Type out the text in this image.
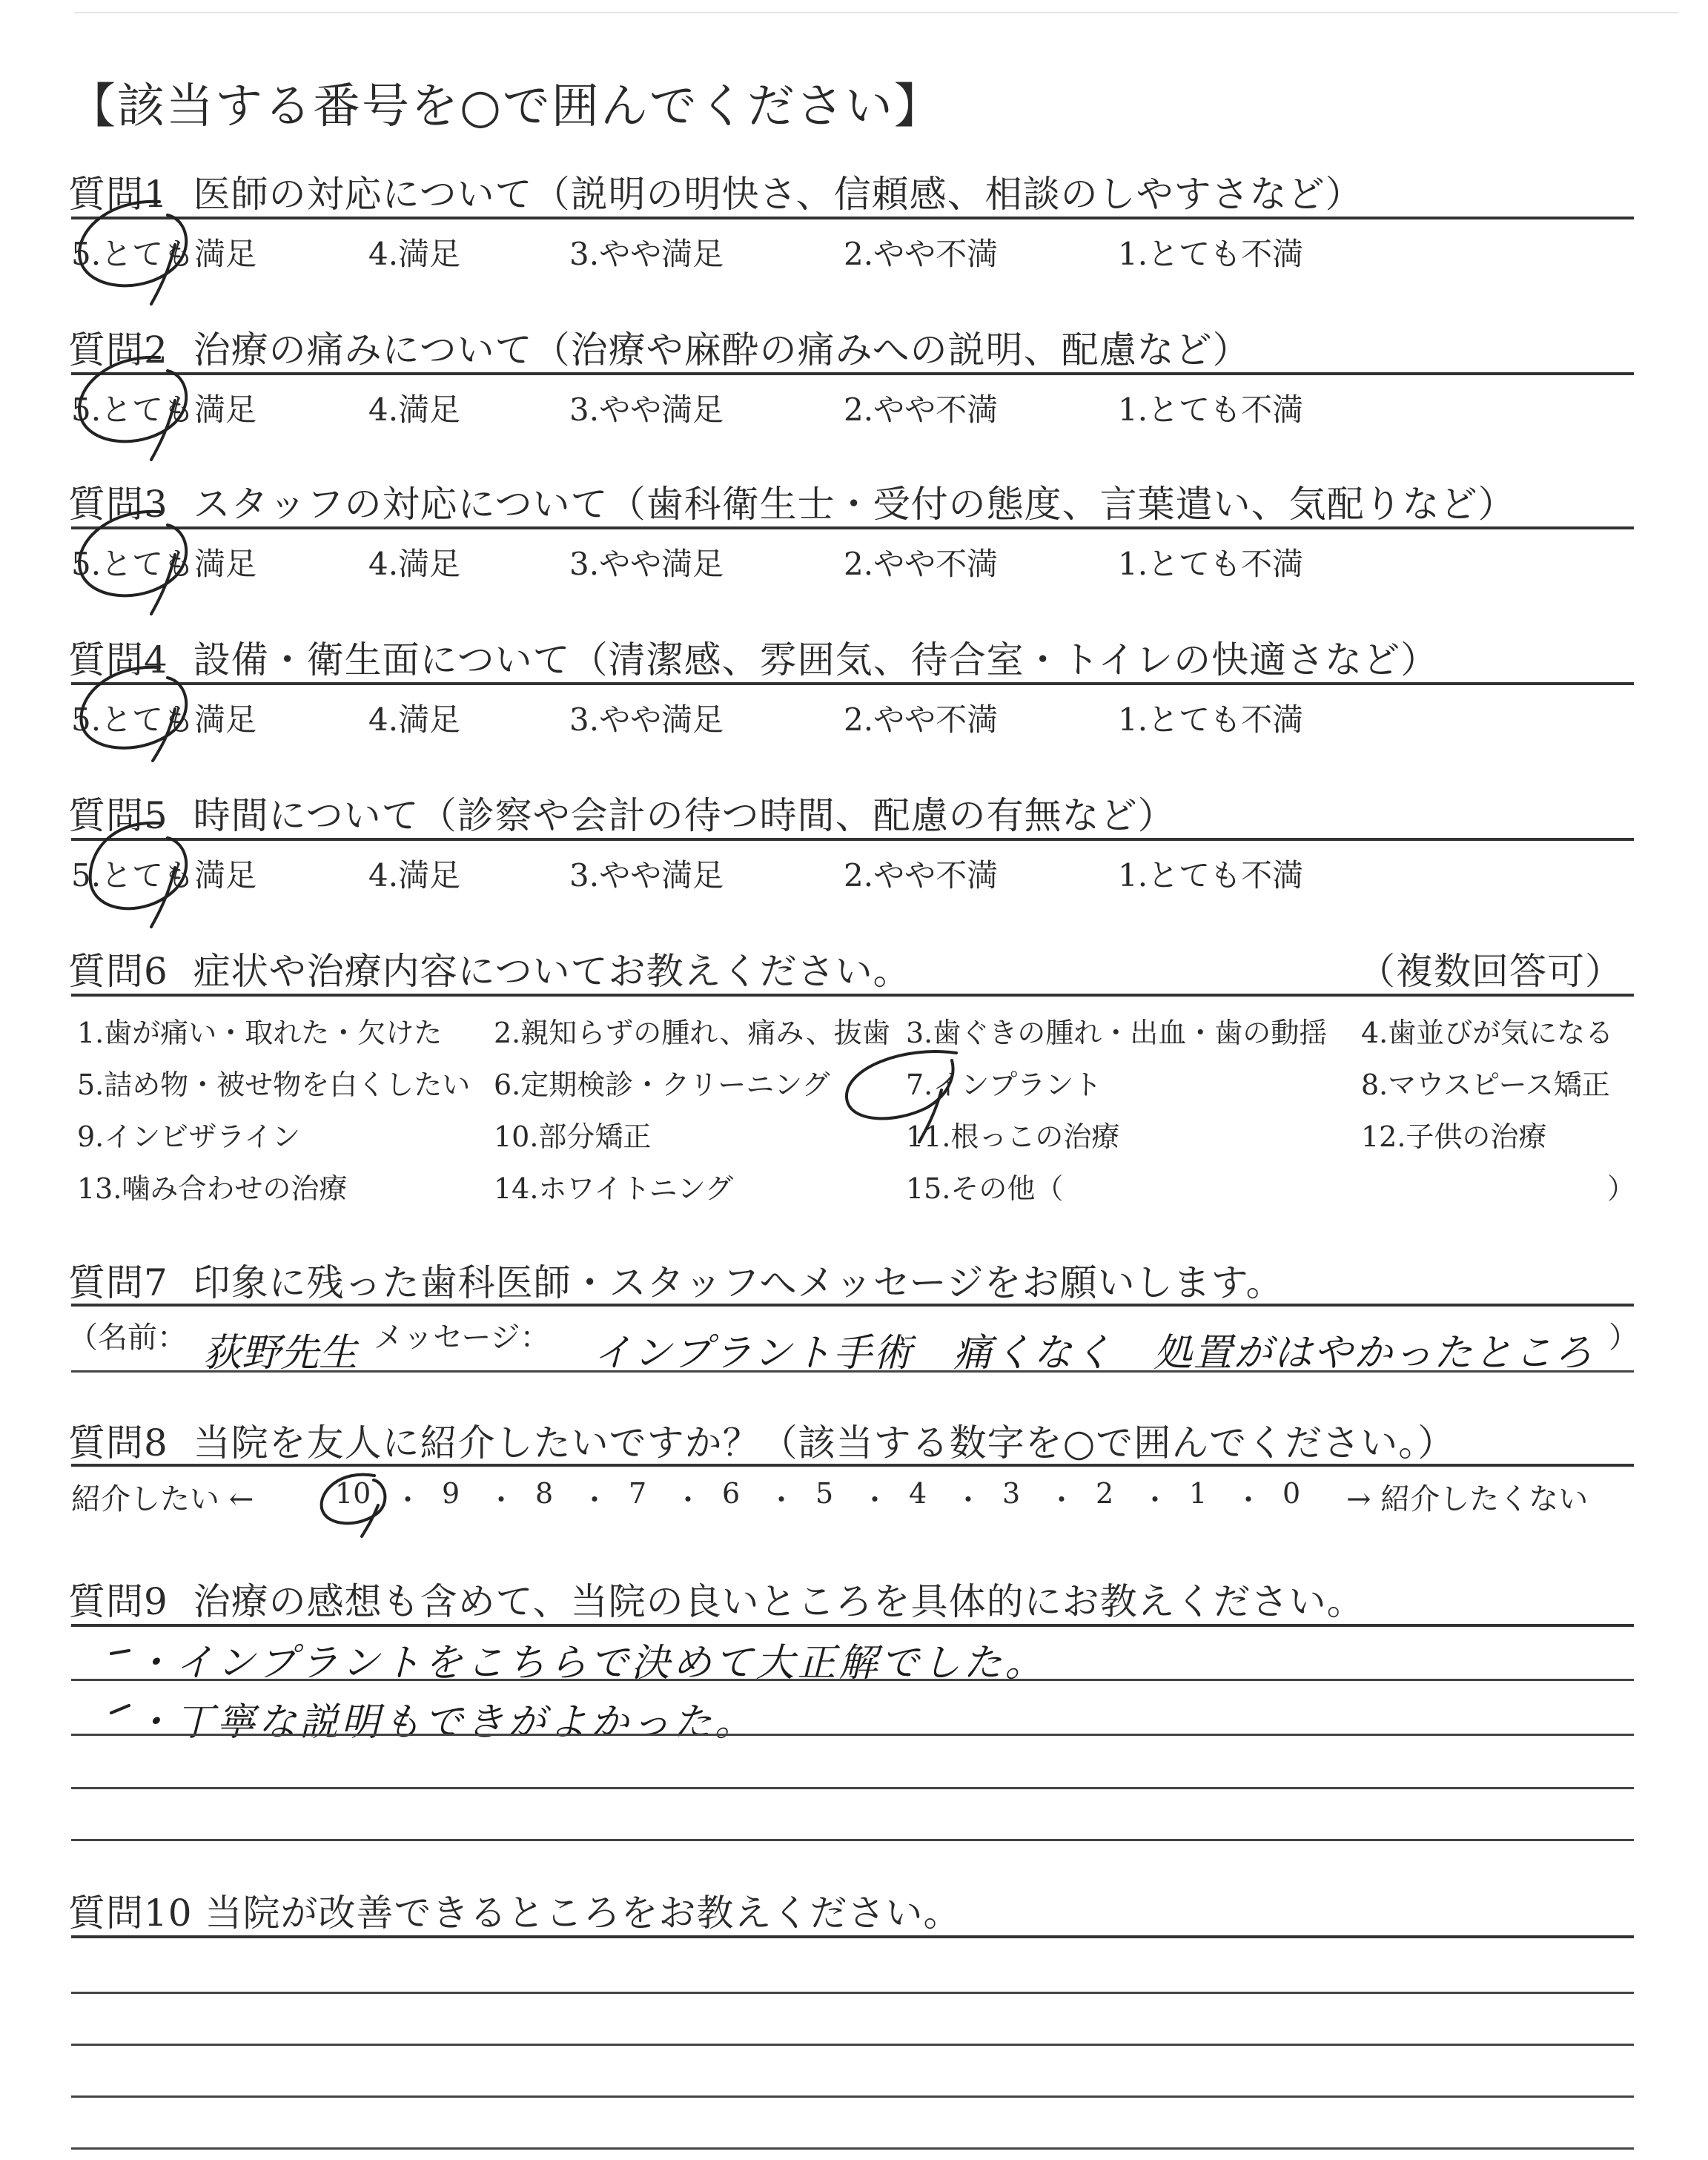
【該当する番号を○で囲んでください】
質問1 医師の対応について（説明の明快さ、信頼感、相談のしやすさなど）
5.とても満足	4.満足	3.やや満足	2.やや不満	1.とても不満
質問2 治療の痛みについて（治療や麻酔の痛みへの説明、配慮など）
5.とても満足	4.満足	3.やや満足	2.やや不満	1.とても不満
質問3 スタッフの対応について（歯科衛生士・受付の態度、言葉遣い、気配りなど）
5.とても満足	4.満足	3.やや満足	2.やや不満	1.とても不満
質問4 設備・衛生面について（清潔感、雰囲気、待合室・トイレの快適さなど）
5.とても満足	4.満足	3.やや満足	2.やや不満	1.とても不満
質問5 時間について（診察や会計の待つ時間、配慮の有無など）
5.とても満足	4.満足	3.やや満足	2.やや不満	1.とても不満
質問6 症状や治療内容についてお教えください。	（複数回答可）
1.歯が痛い・取れた・欠けた 2.親知らずの腫れ、痛み、抜歯 3.歯ぐきの腫れ・出血・歯の動揺 4.歯並びが気になる
5.詰め物・被せ物を白くしたい 6.定期検診・クリーニング	7.インプラント	8.マウスピース矯正
9.インビザライン	10.部分矯正	11.根っこの治療	12.子供の治療
13.噛み合わせの治療	14.ホワイトニング	15.その他（	）
質問7 印象に残った歯科医師・スタッフへメッセージをお願いします。
（名前： 荻野先生 メッセージ： インプラント手術　痛くなく　処置がはやかったところ ）
質問8 当院を友人に紹介したいですか？（該当する数字を○で囲んでください。）
紹介したい ←	→ 紹介したくない
10 ・ 9 ・ 8 ・ 7 ・ 6 ・ 5 ・ 4 ・ 3 ・ 2 ・ 1 ・ 0
質問9 治療の感想も含めて、当院の良いところを具体的にお教えください。
・インプラントをこちらで決めて大正解でした。
・丁寧な説明もできがよかった。
質問10 当院が改善できるところをお教えください。
